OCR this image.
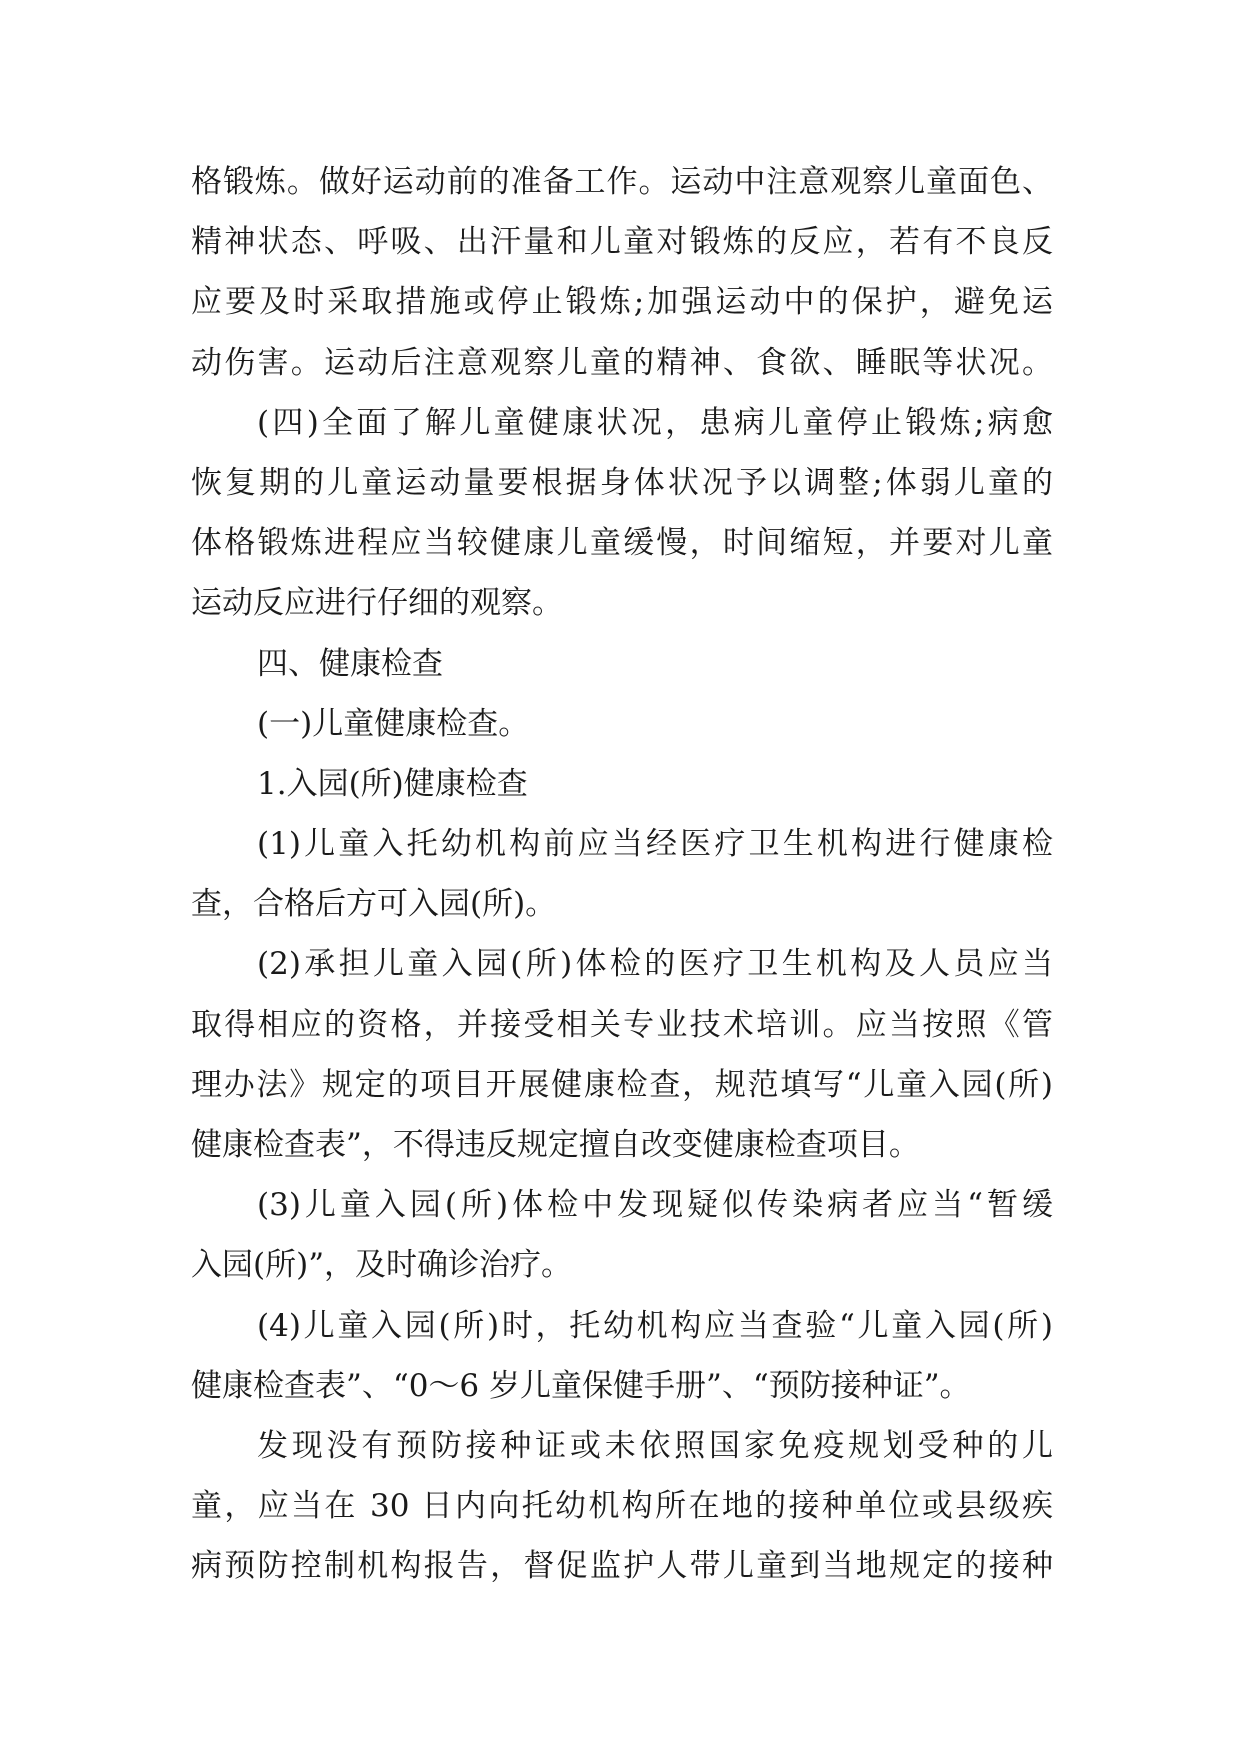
格锻炼。做好运动前的准备工作。运动中注意观察儿童面色、
精神状态、呼吸、出汗量和儿童对锻炼的反应，若有不良反
应要及时采取措施或停止锻炼;加强运动中的保护，避免运
动伤害。运动后注意观察儿童的精神、食欲、睡眠等状况。
(四)全面了解儿童健康状况，患病儿童停止锻炼;病愈
恢复期的儿童运动量要根据身体状况予以调整;体弱儿童的
体格锻炼进程应当较健康儿童缓慢，时间缩短，并要对儿童
运动反应进行仔细的观察。
四、健康检查
(一)儿童健康检查。
1.入园(所)健康检查
(1)儿童入托幼机构前应当经医疗卫生机构进行健康检
查，合格后方可入园(所)。
(2)承担儿童入园(所)体检的医疗卫生机构及人员应当
取得相应的资格，并接受相关专业技术培训。应当按照《管
理办法》规定的项目开展健康检查，规范填写“儿童入园(所)
健康检查表”，不得违反规定擅自改变健康检查项目。
(3)儿童入园(所)体检中发现疑似传染病者应当“暂缓
入园(所)”，及时确诊治疗。
(4)儿童入园(所)时，托幼机构应当查验“儿童入园(所)
健康检查表”、“0～6 岁儿童保健手册”、“预防接种证”。
发现没有预防接种证或未依照国家免疫规划受种的儿
童，应当在 30 日内向托幼机构所在地的接种单位或县级疾
病预防控制机构报告，督促监护人带儿童到当地规定的接种
